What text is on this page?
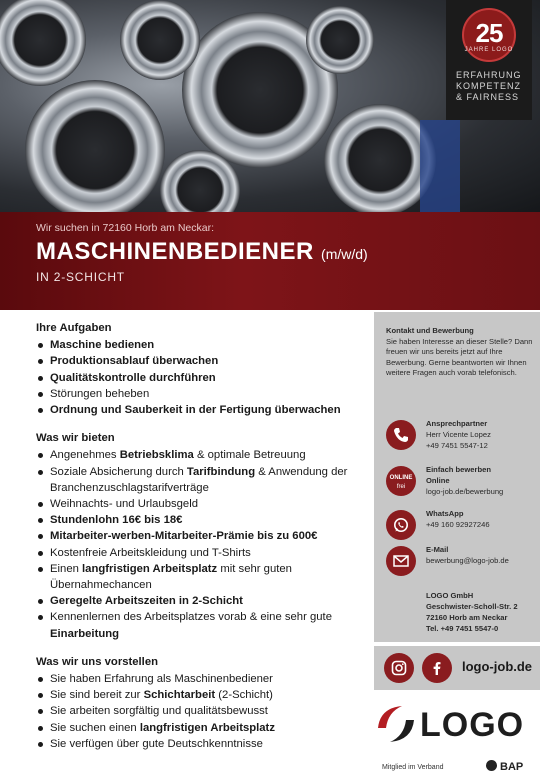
25
JAHRE LOGO
ERFAHRUNG
KOMPETENZ
& FAIRNESS
Wir suchen in 72160 Horb am Neckar:
MASCHINENBEDIENER (m/w/d)
IN 2-SCHICHT
Ihre Aufgaben
Maschine bedienen
Produktionsablauf überwachen
Qualitätskontrolle durchführen
Störungen beheben
Ordnung und Sauberkeit in der Fertigung überwachen
Was wir bieten
Angenehmes Betriebsklima & optimale Betreuung
Soziale Absicherung durch Tarifbindung & Anwendung der Branchenzuschlagstarifverträge
Weihnachts- und Urlaubsgeld
Stundenlohn 16€ bis 18€
Mitarbeiter-werben-Mitarbeiter-Prämie bis zu 600€
Kostenfreie Arbeitskleidung und T-Shirts
Einen langfristigen Arbeitsplatz mit sehr guten Übernahmechancen
Geregelte Arbeitszeiten in 2-Schicht
Kennenlernen des Arbeitsplatzes vorab & eine sehr gute Einarbeitung
Was wir uns vorstellen
Sie haben Erfahrung als Maschinenbediener
Sie sind bereit zur Schichtarbeit (2-Schicht)
Sie arbeiten sorgfältig und qualitätsbewusst
Sie suchen einen langfristigen Arbeitsplatz
Sie verfügen über gute Deutschkenntnisse
Kontakt und Bewerbung
Sie haben Interesse an dieser Stelle? Dann freuen wir uns bereits jetzt auf Ihre Bewerbung. Gerne beantworten wir Ihnen weitere Fragen auch vorab telefonisch.
Ansprechpartner
Herr Vicente Lopez
+49 7451 5547-12
ONLINE
frei
Einfach bewerben
Online
logo-job.de/bewerbung
WhatsApp
+49 160 92927246
E-Mail
bewerbung@logo-job.de
LOGO GmbH
Geschwister-Scholl-Str. 2
72160 Horb am Neckar
Tel. +49 7451 5547-0
logo-job.de
LOGO
Mitglied im Verband	BAP
